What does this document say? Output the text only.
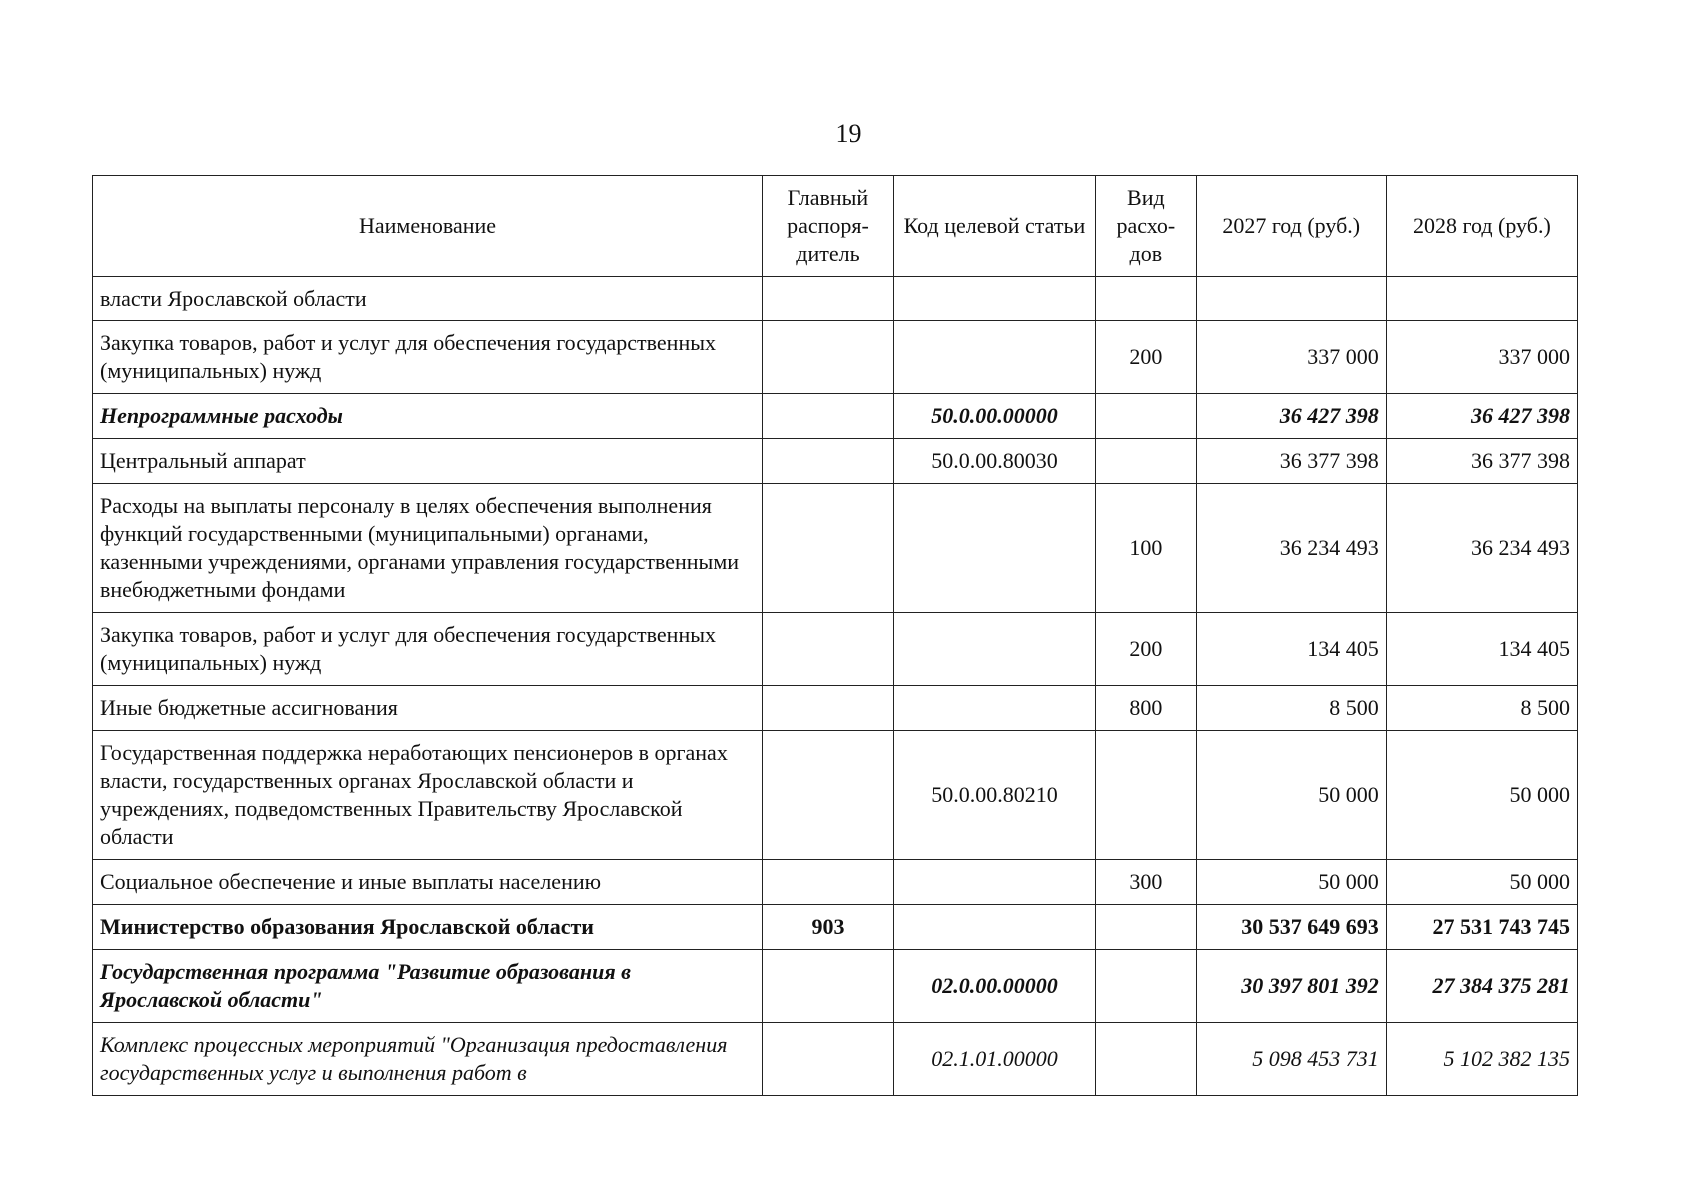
19
Наименование	Главный распоря-дитель	Код целевой статьи	Вид расхо-дов	2027 год (руб.)	2028 год (руб.)
власти Ярославской области					
Закупка товаров, работ и услуг для обеспечения государственных (муниципальных) нужд			200	337 000	337 000
Непрограммные расходы		50.0.00.00000		36 427 398	36 427 398
Центральный аппарат		50.0.00.80030		36 377 398	36 377 398
Расходы на выплаты персоналу в целях обеспечения выполнения функций государственными (муниципальными) органами, казенными учреждениями, органами управления государственными внебюджетными фондами			100	36 234 493	36 234 493
Закупка товаров, работ и услуг для обеспечения государственных (муниципальных) нужд			200	134 405	134 405
Иные бюджетные ассигнования			800	8 500	8 500
Государственная поддержка неработающих пенсионеров в органах власти, государственных органах Ярославской области и учреждениях, подведомственных Правительству Ярославской области		50.0.00.80210		50 000	50 000
Социальное обеспечение и иные выплаты населению			300	50 000	50 000
Министерство образования Ярославской области	903			30 537 649 693	27 531 743 745
Государственная программа "Развитие образования в Ярославской области"		02.0.00.00000		30 397 801 392	27 384 375 281
Комплекс процессных мероприятий "Организация предоставления государственных услуг и выполнения работ в		02.1.01.00000		5 098 453 731	5 102 382 135
